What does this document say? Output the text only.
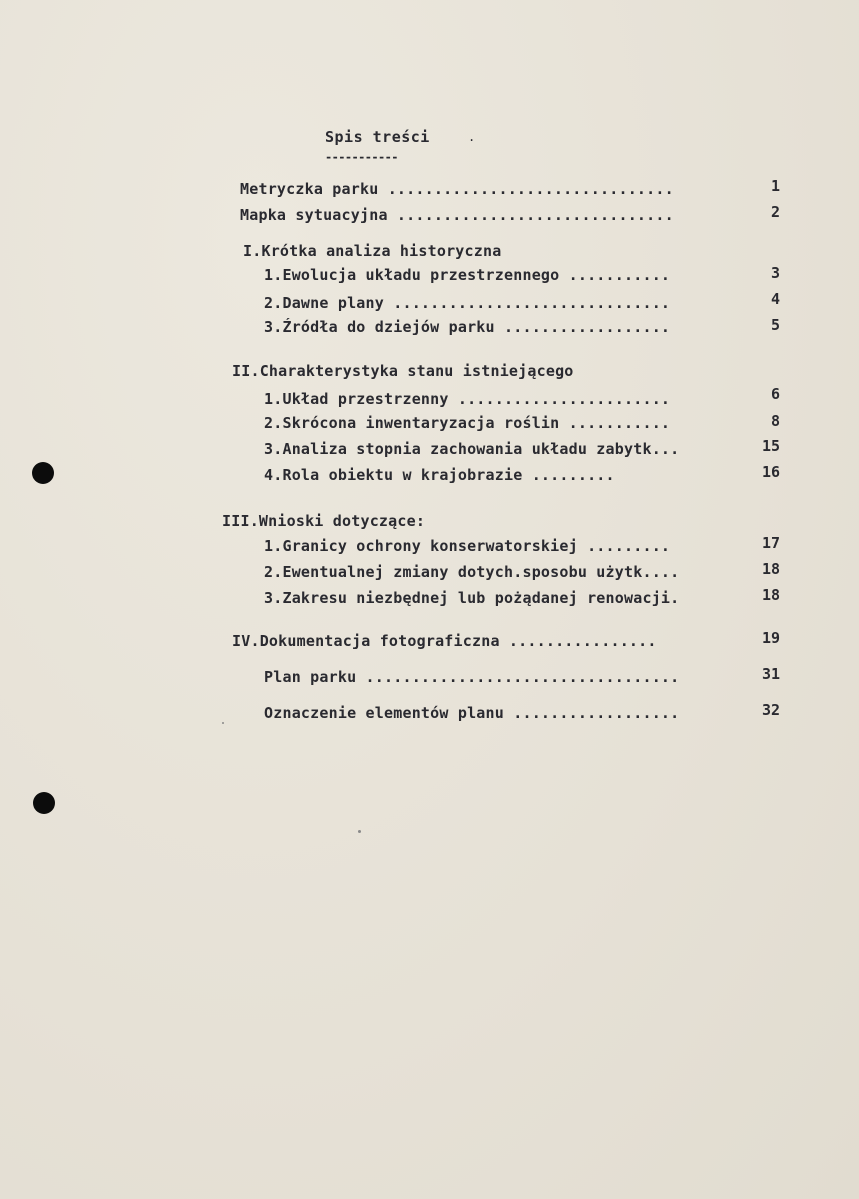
Spis treści	.
-----------
Metryczka parku ...............................	1
Mapka sytuacyjna ..............................	2
I.Krótka analiza historyczna
1.Ewolucja układu przestrzennego ...........	3
2.Dawne plany ..............................	4
3.Źródła do dziejów parku ..................	5
II.Charakterystyka stanu istniejącego
1.Układ przestrzenny .......................	6
2.Skrócona inwentaryzacja roślin ...........	8
3.Analiza stopnia zachowania układu zabytk...	15
4.Rola obiektu w krajobrazie .........	16
III.Wnioski dotyczące:
1.Granicy ochrony konserwatorskiej .........	17
2.Ewentualnej zmiany dotych.sposobu użytk....	18
3.Zakresu niezbędnej lub pożądanej renowacji.	18
IV.Dokumentacja fotograficzna ................	19
Plan parku ..................................	31
Oznaczenie elementów planu ..................	32
